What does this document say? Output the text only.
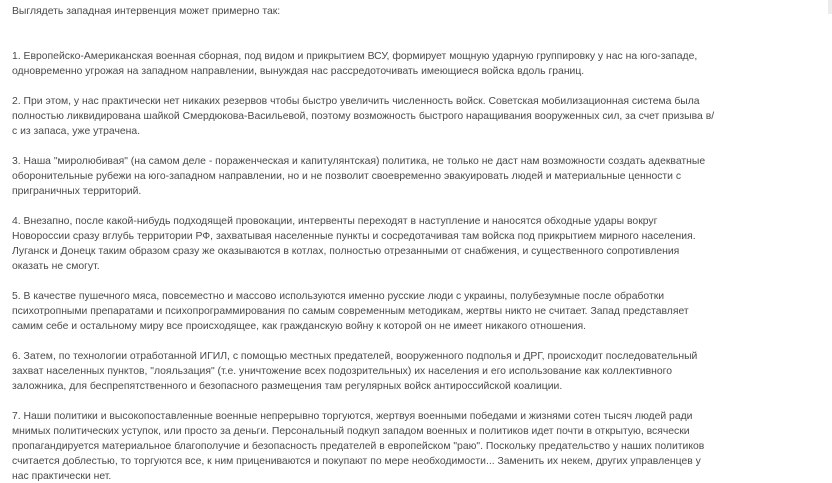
Выглядеть западная интервенция может примерно так:
1. Европейско-Американская военная сборная, под видом и прикрытием ВСУ, формирует мощную ударную группировку у нас на юго-западе,
одновременно угрожая на западном направлении, вынуждая нас рассредоточивать имеющиеся войска вдоль границ.
2. При этом, у нас практически нет никаких резервов чтобы быстро увеличить численность войск. Советская мобилизационная система была
полностью ликвидирована шайкой Смердюкова-Васильевой, поэтому возможность быстрого наращивания вооруженных сил, за счет призыва в/
с из запаса, уже утрачена.
3. Наша "миролюбивая" (на самом деле - пораженческая и капитулянтская) политика, не только не даст нам возможности создать адекватные
оборонительные рубежи на юго-западном направлении, но и не позволит своевременно эвакуировать людей и материальные ценности с
приграничных территорий.
4. Внезапно, после какой-нибудь подходящей провокации, интервенты переходят в наступление и наносятся обходные удары вокруг
Новороссии сразу вглубь территории РФ, захватывая населенные пункты и сосредотачивая там войска под прикрытием мирного населения.
Луганск и Донецк таким образом сразу же оказываются в котлах, полностью отрезанными от снабжения, и существенного сопротивления
оказать не смогут.
5. В качестве пушечного мяса, повсеместно и массово используются именно русские люди с украины, полубезумные после обработки
психотропными препаратами и психопрограммирования по самым современным методикам, жертвы никто не считает. Запад представляет
самим себе и остальному миру все происходящее, как гражданскую войну к которой он не имеет никакого отношения.
6. Затем, по технологии отработанной ИГИЛ, с помощью местных предателей, вооруженного подполья и ДРГ, происходит последовательный
захват населенных пунктов, "лояльзация" (т.е. уничтожение всех подозрительных) их населения и его использование как коллективного
заложника, для беспрепятственного и безопасного размещения там регулярных войск антироссийской коалиции.
7. Наши политики и высокопоставленные военные непрерывно торгуются, жертвуя военными победами и жизнями сотен тысяч людей ради
мнимых политических уступок, или просто за деньги. Персональный подкуп западом военных и политиков идет почти в открытую, всячески
пропагандируется материальное благополучие и безопасность предателей в европейском "раю". Поскольку предательство у наших политиков
считается доблестью, то торгуются все, к ним прицениваются и покупают по мере необходимости... Заменить их некем, других управленцев у
нас практически нет.
